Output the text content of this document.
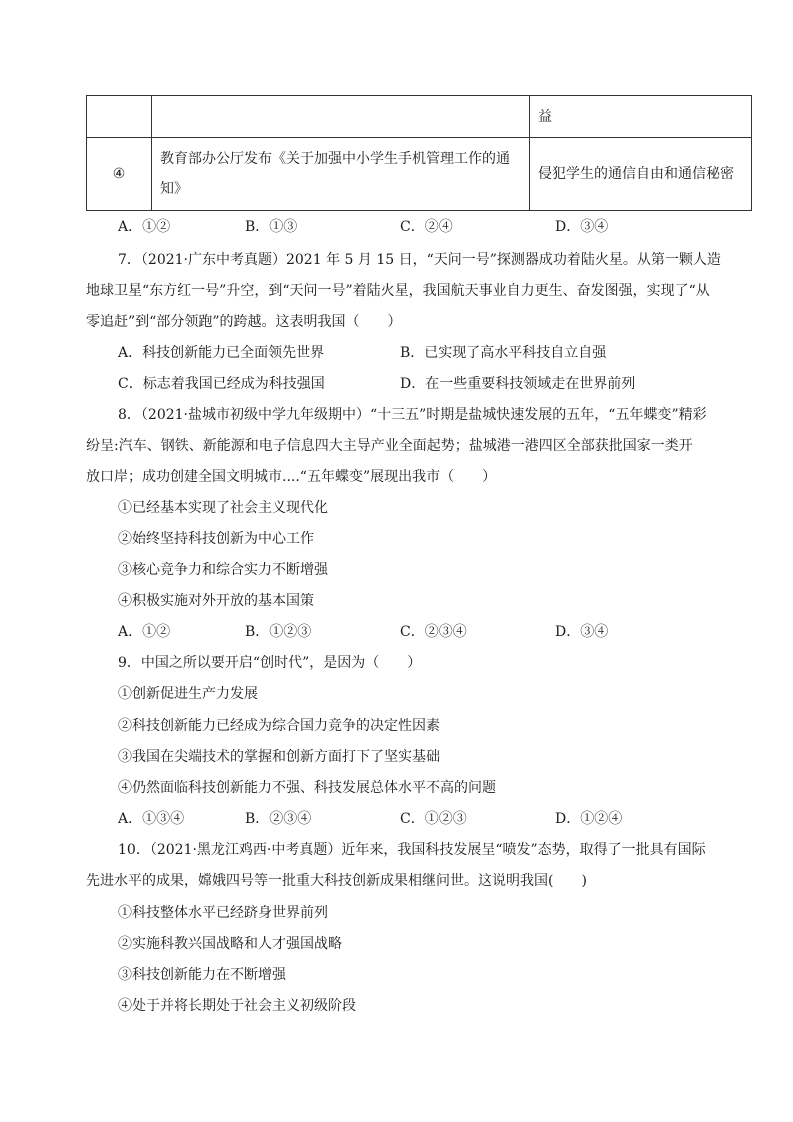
		益
④	教育部办公厅发布《关于加强中小学生手机管理工作的通
知》	侵犯学生的通信自由和通信秘密
A．①②	B．①③	C．②④	D．③④
7．（2021·广东中考真题）2021 年 5 月 15 日，“天问一号”探测器成功着陆火星。从第一颗人造
地球卫星“东方红一号”升空，到“天问一号”着陆火星，我国航天事业自力更生、奋发图强，实现了“从
零追赶”到“部分领跑”的跨越。这表明我国（　　）
A．科技创新能力已全面领先世界	B．已实现了高水平科技自立自强
C．标志着我国已经成为科技强国	D．在一些重要科技领域走在世界前列
8．（2021·盐城市初级中学九年级期中）“十三五”时期是盐城快速发展的五年，“五年蝶变”精彩
纷呈:汽车、钢铁、新能源和电子信息四大主导产业全面起势；盐城港一港四区全部获批国家一类开
放口岸；成功创建全国文明城市....“五年蝶变”展现出我市（　　）
①已经基本实现了社会主义现代化
②始终坚持科技创新为中心工作
③核心竞争力和综合实力不断增强
④积极实施对外开放的基本国策
A．①②	B．①②③	C．②③④	D．③④
9．中国之所以要开启“创时代”，是因为（　　）
①创新促进生产力发展
②科技创新能力已经成为综合国力竞争的决定性因素
③我国在尖端技术的掌握和创新方面打下了坚实基础
④仍然面临科技创新能力不强、科技发展总体水平不高的问题
A．①③④	B．②③④	C．①②③	D．①②④
10．（2021·黑龙江鸡西·中考真题）近年来，我国科技发展呈“喷发”态势，取得了一批具有国际
先进水平的成果，嫦娥四号等一批重大科技创新成果相继问世。这说明我国(　　)
①科技整体水平已经跻身世界前列
②实施科教兴国战略和人才强国战略
③科技创新能力在不断增强
④处于并将长期处于社会主义初级阶段
